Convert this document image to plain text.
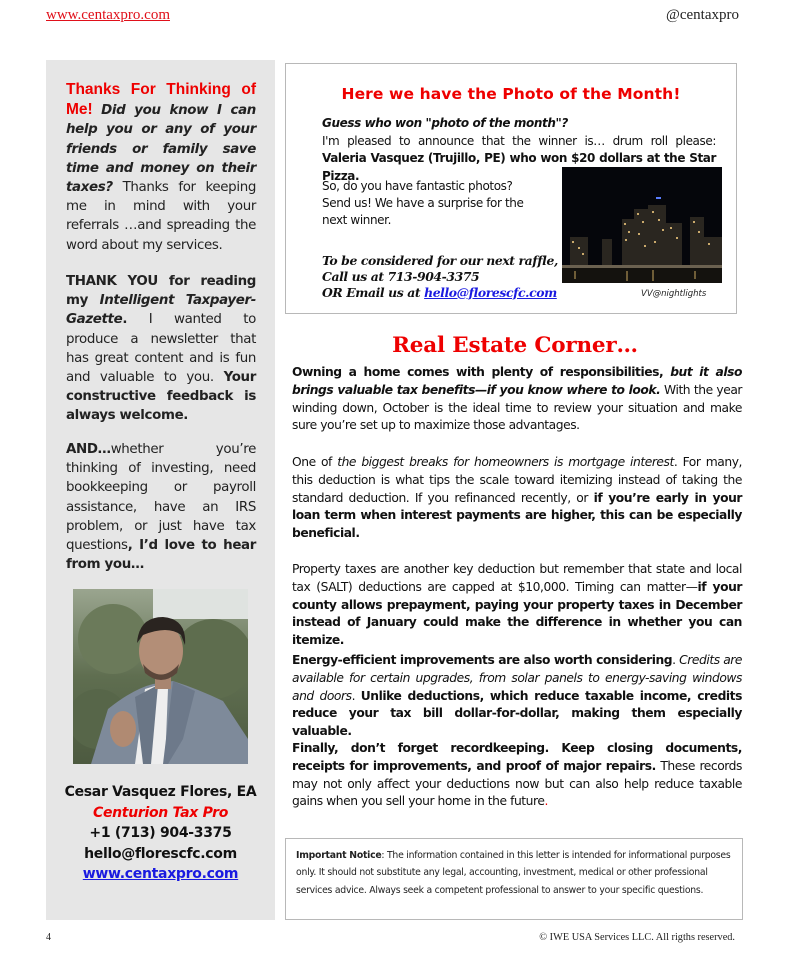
www.centaxpro.com	@centaxpro
Thanks For Thinking of Me! Did you know I can help you or any of your friends or family save time and money on their taxes? Thanks for keeping me in mind with your referrals …and spreading the word about my services.
THANK YOU for reading my Intelligent Taxpayer-Gazette. I wanted to produce a newsletter that has great content and is fun and valuable to you. Your constructive feedback is always welcome.
AND…whether you’re thinking of investing, need bookkeeping or payroll assistance, have an IRS problem, or just have tax questions, I’d love to hear from you…
Cesar Vasquez Flores, EA
Centurion Tax Pro
+1 (713) 904-3375
hello@florescfc.com
www.centaxpro.com
Here we have the Photo of the Month!
Guess who won "photo of the month"?
I'm pleased to announce that the winner is… drum roll please: Valeria Vasquez (Trujillo, PE) who won $20 dollars at the Star Pizza.
So, do you have fantastic photos? Send us! We have a surprise for the next winner.
To be considered for our next raffle, Call us at 713-904-3375
OR Email us at hello@florescfc.com	VV@nightlights
Real Estate Corner…

Owning a home comes with plenty of responsibilities, but it also brings valuable tax benefits—if you know where to look. With the year winding down, October is the ideal time to review your situation and make sure you’re set up to maximize those advantages.

One of the biggest breaks for homeowners is mortgage interest. For many, this deduction is what tips the scale toward itemizing instead of taking the standard deduction. If you refinanced recently, or if you’re early in your loan term when interest payments are higher, this can be especially beneficial.

Property taxes are another key deduction but remember that state and local tax (SALT) deductions are capped at $10,000. Timing can matter—if your county allows prepayment, paying your property taxes in December instead of January could make the difference in whether you can itemize.

Energy-efficient improvements are also worth considering. Credits are available for certain upgrades, from solar panels to energy-saving windows and doors. Unlike deductions, which reduce taxable income, credits reduce your tax bill dollar-for-dollar, making them especially valuable.

Finally, don’t forget recordkeeping. Keep closing documents, receipts for improvements, and proof of major repairs. These records may not only affect your deductions now but can also help reduce taxable gains when you sell your home in the future.

Important Notice: The information contained in this letter is intended for informational purposes only. It should not substitute any legal, accounting, investment, medical or other professional services advice. Always seek a competent professional to answer to your specific questions.
4	© IWE USA Services LLC. All rigths reserved.
